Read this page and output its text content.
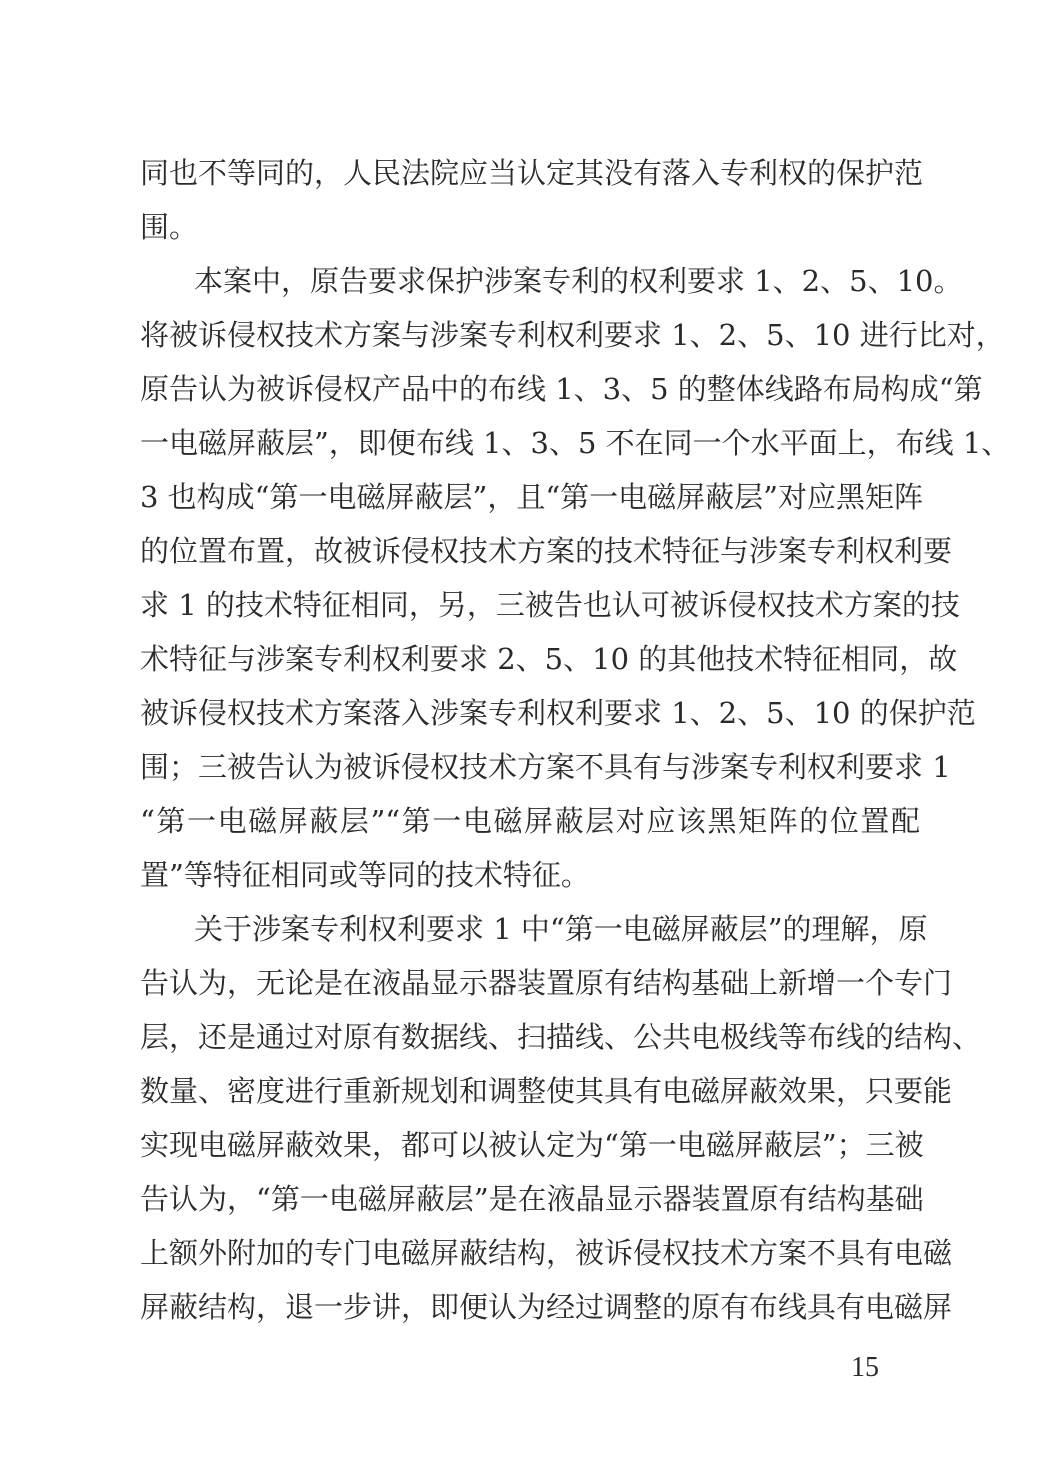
同也不等同的，人民法院应当认定其没有落入专利权的保护范
围。
本案中，原告要求保护涉案专利的权利要求 1、2、5、10。
将被诉侵权技术方案与涉案专利权利要求 1、2、5、10 进行比对，
原告认为被诉侵权产品中的布线 1、3、5 的整体线路布局构成“第
一电磁屏蔽层”，即便布线 1、3、5 不在同一个水平面上，布线 1、
3 也构成“第一电磁屏蔽层”，且“第一电磁屏蔽层”对应黑矩阵
的位置布置，故被诉侵权技术方案的技术特征与涉案专利权利要
求 1 的技术特征相同，另，三被告也认可被诉侵权技术方案的技
术特征与涉案专利权利要求 2、5、10 的其他技术特征相同，故
被诉侵权技术方案落入涉案专利权利要求 1、2、5、10 的保护范
围；三被告认为被诉侵权技术方案不具有与涉案专利权利要求 1
“第一电磁屏蔽层”“第一电磁屏蔽层对应该黑矩阵的位置配
置”等特征相同或等同的技术特征。
关于涉案专利权利要求 1 中“第一电磁屏蔽层”的理解，原
告认为，无论是在液晶显示器装置原有结构基础上新增一个专门
层，还是通过对原有数据线、扫描线、公共电极线等布线的结构、
数量、密度进行重新规划和调整使其具有电磁屏蔽效果，只要能
实现电磁屏蔽效果，都可以被认定为“第一电磁屏蔽层”；三被
告认为，“第一电磁屏蔽层”是在液晶显示器装置原有结构基础
上额外附加的专门电磁屏蔽结构，被诉侵权技术方案不具有电磁
屏蔽结构，退一步讲，即便认为经过调整的原有布线具有电磁屏
15
